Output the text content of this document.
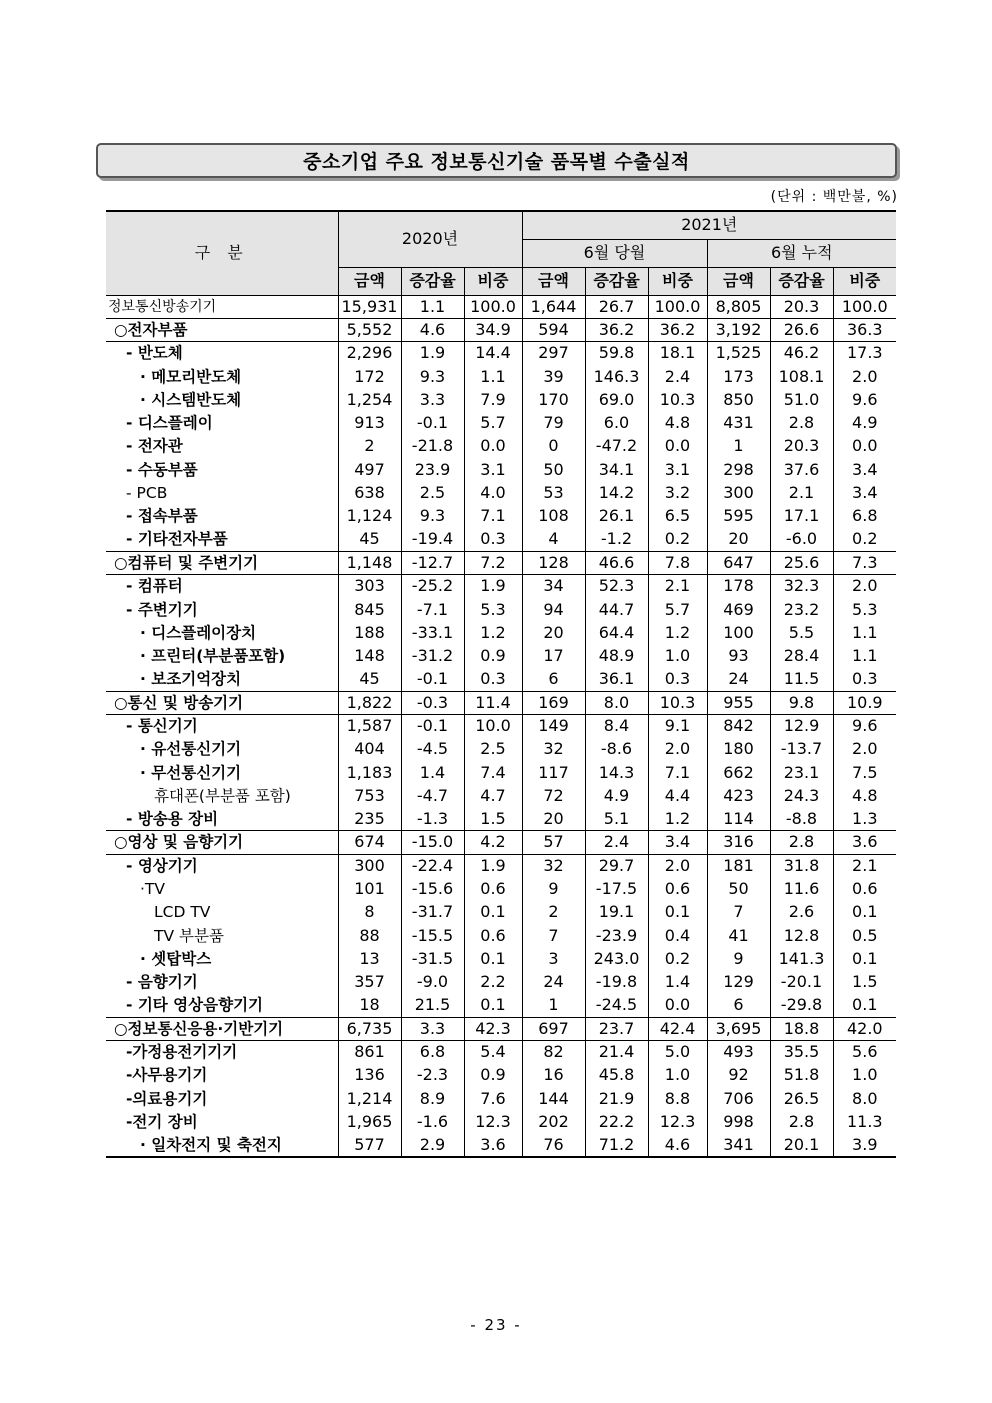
중소기업 주요 정보통신기술 품목별 수출실적
(단위 : 백만불, %)
구 분	2020년			2021년					
				6월 당월			6월 누적		
	금액	증감율	비중	금액	증감율	비중	금액	증감율	비중
정보통신방송기기	15,931	1.1	100.0	1,644	26.7	100.0	8,805	20.3	100.0
○전자부품	5,552	4.6	34.9	594	36.2	36.2	3,192	26.6	36.3
- 반도체	2,296	1.9	14.4	297	59.8	18.1	1,525	46.2	17.3
· 메모리반도체	172	9.3	1.1	39	146.3	2.4	173	108.1	2.0
· 시스템반도체	1,254	3.3	7.9	170	69.0	10.3	850	51.0	9.6
- 디스플레이	913	-0.1	5.7	79	6.0	4.8	431	2.8	4.9
- 전자관	2	-21.8	0.0	0	-47.2	0.0	1	20.3	0.0
- 수동부품	497	23.9	3.1	50	34.1	3.1	298	37.6	3.4
- PCB	638	2.5	4.0	53	14.2	3.2	300	2.1	3.4
- 접속부품	1,124	9.3	7.1	108	26.1	6.5	595	17.1	6.8
- 기타전자부품	45	-19.4	0.3	4	-1.2	0.2	20	-6.0	0.2
○컴퓨터 및 주변기기	1,148	-12.7	7.2	128	46.6	7.8	647	25.6	7.3
- 컴퓨터	303	-25.2	1.9	34	52.3	2.1	178	32.3	2.0
- 주변기기	845	-7.1	5.3	94	44.7	5.7	469	23.2	5.3
· 디스플레이장치	188	-33.1	1.2	20	64.4	1.2	100	5.5	1.1
· 프린터(부분품포함)	148	-31.2	0.9	17	48.9	1.0	93	28.4	1.1
· 보조기억장치	45	-0.1	0.3	6	36.1	0.3	24	11.5	0.3
○통신 및 방송기기	1,822	-0.3	11.4	169	8.0	10.3	955	9.8	10.9
- 통신기기	1,587	-0.1	10.0	149	8.4	9.1	842	12.9	9.6
· 유선통신기기	404	-4.5	2.5	32	-8.6	2.0	180	-13.7	2.0
· 무선통신기기	1,183	1.4	7.4	117	14.3	7.1	662	23.1	7.5
휴대폰(부분품 포함)	753	-4.7	4.7	72	4.9	4.4	423	24.3	4.8
- 방송용 장비	235	-1.3	1.5	20	5.1	1.2	114	-8.8	1.3
○영상 및 음향기기	674	-15.0	4.2	57	2.4	3.4	316	2.8	3.6
- 영상기기	300	-22.4	1.9	32	29.7	2.0	181	31.8	2.1
·TV	101	-15.6	0.6	9	-17.5	0.6	50	11.6	0.6
LCD TV	8	-31.7	0.1	2	19.1	0.1	7	2.6	0.1
TV 부분품	88	-15.5	0.6	7	-23.9	0.4	41	12.8	0.5
· 셋탑박스	13	-31.5	0.1	3	243.0	0.2	9	141.3	0.1
- 음향기기	357	-9.0	2.2	24	-19.8	1.4	129	-20.1	1.5
- 기타 영상음향기기	18	21.5	0.1	1	-24.5	0.0	6	-29.8	0.1
○정보통신응용·기반기기	6,735	3.3	42.3	697	23.7	42.4	3,695	18.8	42.0
-가정용전기기기	861	6.8	5.4	82	21.4	5.0	493	35.5	5.6
-사무용기기	136	-2.3	0.9	16	45.8	1.0	92	51.8	1.0
-의료용기기	1,214	8.9	7.6	144	21.9	8.8	706	26.5	8.0
-전기 장비	1,965	-1.6	12.3	202	22.2	12.3	998	2.8	11.3
· 일차전지 및 축전지	577	2.9	3.6	76	71.2	4.6	341	20.1	3.9
- 23 -
